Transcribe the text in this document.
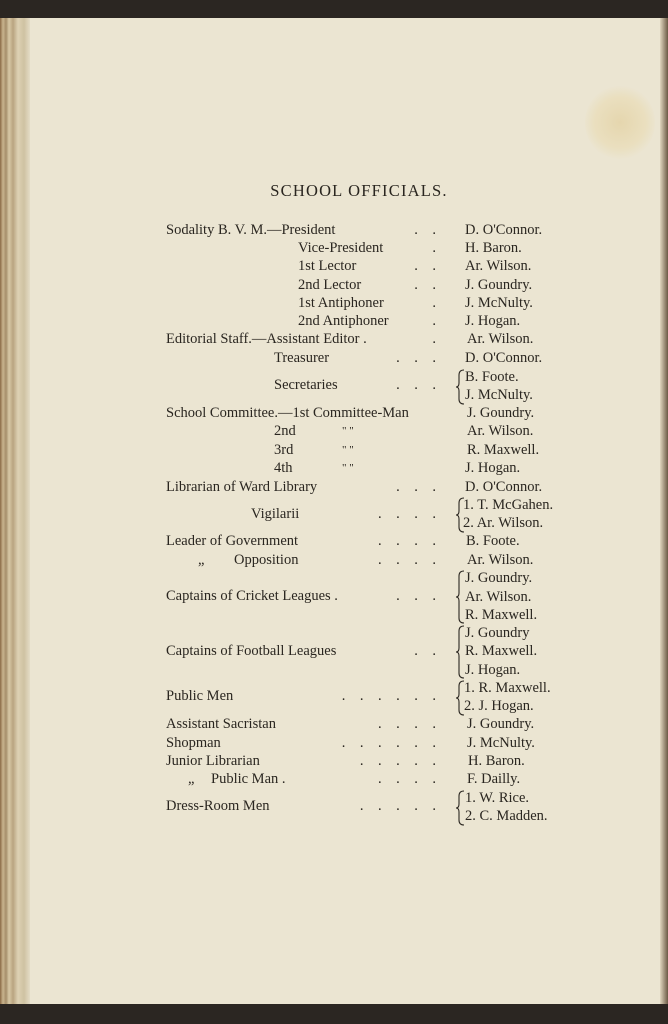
SCHOOL OFFICIALS.
Sodality B. V. M.—President	.    . D. O'Connor.
Vice-President	. H. Baron.
1st Lector	.    . Ar. Wilson.
2nd Lector	.    . J. Goundry.
1st Antiphoner	. J. McNulty.
2nd Antiphoner	. J. Hogan.
Editorial Staff.—Assistant Editor .	. Ar. Wilson.
Treasurer	.    .    . D. O'Connor.
Secretaries	.    .    . B. Foote.
J. McNulty.
School Committee.—1st Committee-Man	J. Goundry.
2nd	" "	Ar. Wilson.
3rd	" "	R. Maxwell.
4th	" "	J. Hogan.
Librarian of Ward Library	.    .    . D. O'Connor.
Vigilarii	.    .    .    .
1. T. McGahen.
2. Ar. Wilson.
Leader of Government	.    .    .    . B. Foote.
„ Opposition	.    .    .    . Ar. Wilson.
Captains of Cricket Leagues .	.    .    .
J. Goundry.
Ar. Wilson.
R. Maxwell.
Captains of Football Leagues	.    .
J. Goundry
R. Maxwell.
J. Hogan.
Public Men	.    .    .    .    .    . 1. R. Maxwell.
2. J. Hogan.
Assistant Sacristan	.    .    .    . J. Goundry.
Shopman	.    .    .    .    .    . J. McNulty.
Junior Librarian	.    .    .    .    . H. Baron.
„ Public Man .	.    .    .    . F. Dailly.
Dress-Room Men	.    .    .    .    . 1. W. Rice.
2. C. Madden.
